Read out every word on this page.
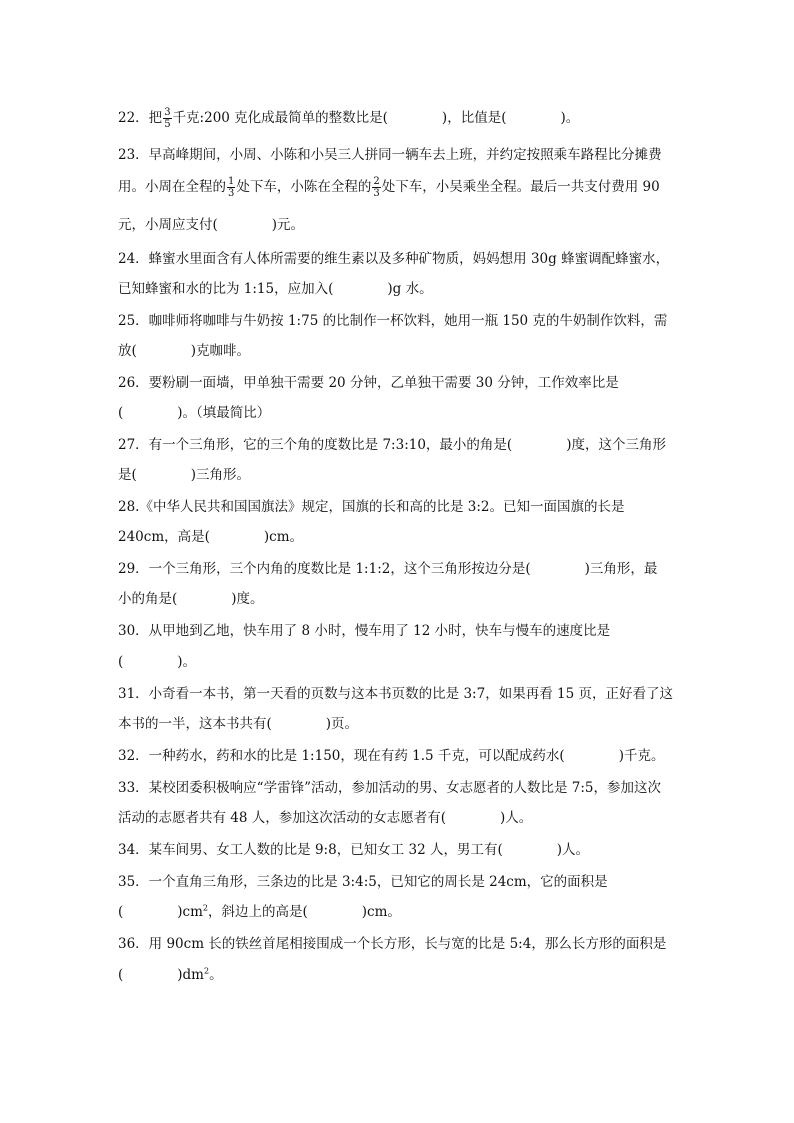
22．把 $\frac{3}{5}$ 千克:200 克化成最简单的整数比是(　　　　)，比值是(　　　　)。
23．早高峰期间，小周、小陈和小吴三人拼同一辆车去上班，并约定按照乘车路程比分摊费
用。小周在全程的 $\frac{1}{3}$ 处下车，小陈在全程的 $\frac{2}{3}$ 处下车，小吴乘坐全程。最后一共支付费用 90
元，小周应支付(　　　　)元。
24．蜂蜜水里面含有人体所需要的维生素以及多种矿物质，妈妈想用 30g 蜂蜜调配蜂蜜水，
已知蜂蜜和水的比为 1:15，应加入(　　　　)g 水。
25．咖啡师将咖啡与牛奶按 1:75 的比制作一杯饮料，她用一瓶 150 克的牛奶制作饮料，需
放(　　　　)克咖啡。
26．要粉刷一面墙，甲单独干需要 20 分钟，乙单独干需要 30 分钟，工作效率比是
(　　　　)。（填最简比）
27．有一个三角形，它的三个角的度数比是 7:3:10，最小的角是(　　　　)度，这个三角形
是(　　　　)三角形。
28.《中华人民共和国国旗法》规定，国旗的长和高的比是 3:2。已知一面国旗的长是
240cm，高是(　　　　)cm。
29．一个三角形，三个内角的度数比是 1:1:2，这个三角形按边分是(　　　　)三角形，最
小的角是(　　　　)度。
30．从甲地到乙地，快车用了 8 小时，慢车用了 12 小时，快车与慢车的速度比是
(　　　　)。
31．小奇看一本书，第一天看的页数与这本书页数的比是 3:7，如果再看 15 页，正好看了这
本书的一半，这本书共有(　　　　)页。
32．一种药水，药和水的比是 1:150，现在有药 1.5 千克，可以配成药水(　　　　)千克。
33．某校团委积极响应“学雷锋”活动，参加活动的男、女志愿者的人数比是 7:5，参加这次
活动的志愿者共有 48 人，参加这次活动的女志愿者有(　　　　)人。
34．某车间男、女工人数的比是 9:8，已知女工 32 人，男工有(　　　　)人。
35．一个直角三角形，三条边的比是 3:4:5，已知它的周长是 24cm，它的面积是
(　　　　)$cm^2$，斜边上的高是(　　　　)cm。
36．用 90cm 长的铁丝首尾相接围成一个长方形，长与宽的比是 5:4，那么长方形的面积是
(　　　　)$dm^2$。
